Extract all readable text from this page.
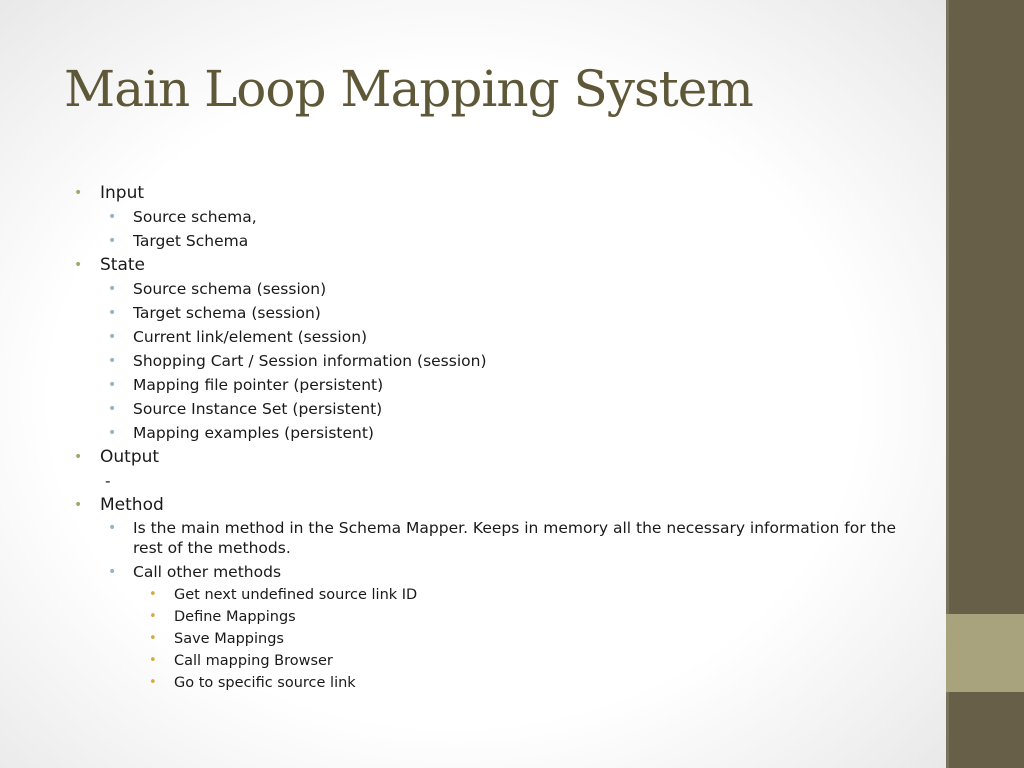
Main Loop Mapping System
• Input
• Source schema,
• Target Schema
• State
• Source schema (session)
• Target schema (session)
• Current link/element (session)
• Shopping Cart / Session information (session)
• Mapping file pointer (persistent)
• Source Instance Set (persistent)
• Mapping examples (persistent)
• Output
-
• Method
• Is the main method in the Schema Mapper. Keeps in memory all the necessary information for the rest of the methods.
• Call other methods
• Get next undefined source link ID
• Define Mappings
• Save Mappings
• Call mapping Browser
• Go to specific source link
